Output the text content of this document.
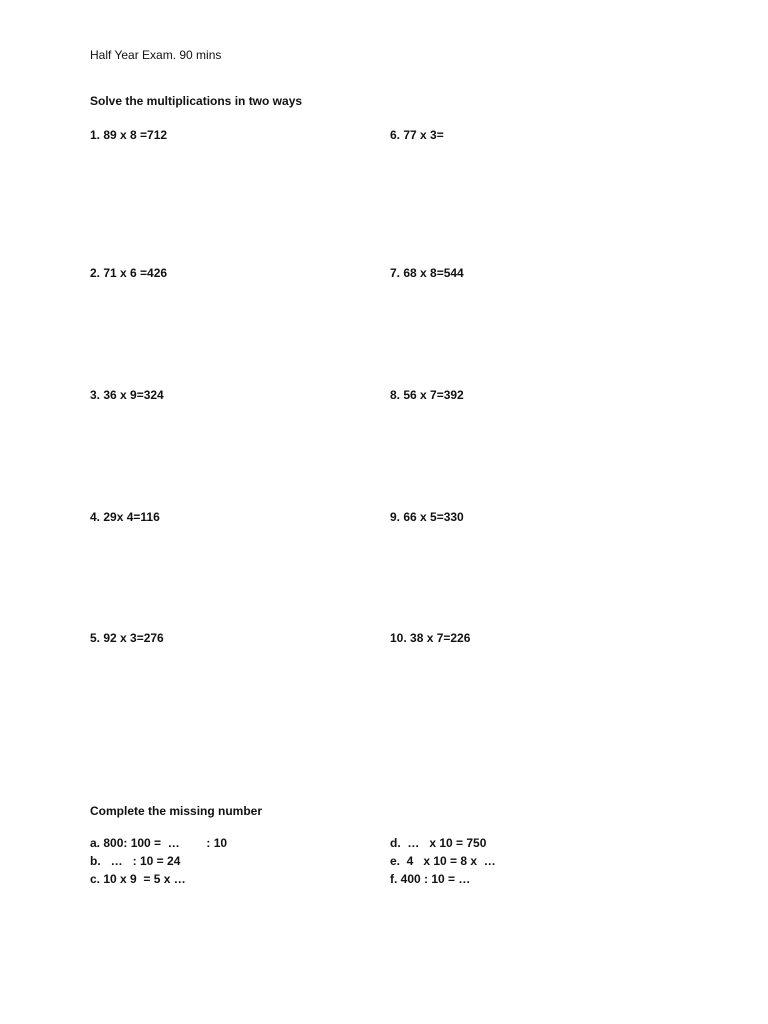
Half Year Exam. 90 mins
Solve the multiplications in two ways
1. 89 x 8 =712
2. 71 x 6 =426
3. 36 x 9=324
4. 29x 4=116
5. 92 x 3=276
6. 77 x 3=
7. 68 x 8=544
8. 56 x 7=392
9. 66 x 5=330
10. 38 x 7=226
Complete the missing number
a. 800: 100 =  …        : 10
b.   …   : 10 = 24
c. 10 x 9  = 5 x …
d.  …   x 10 = 750
e.  4   x 10 = 8 x  …
f. 400 : 10 = …
